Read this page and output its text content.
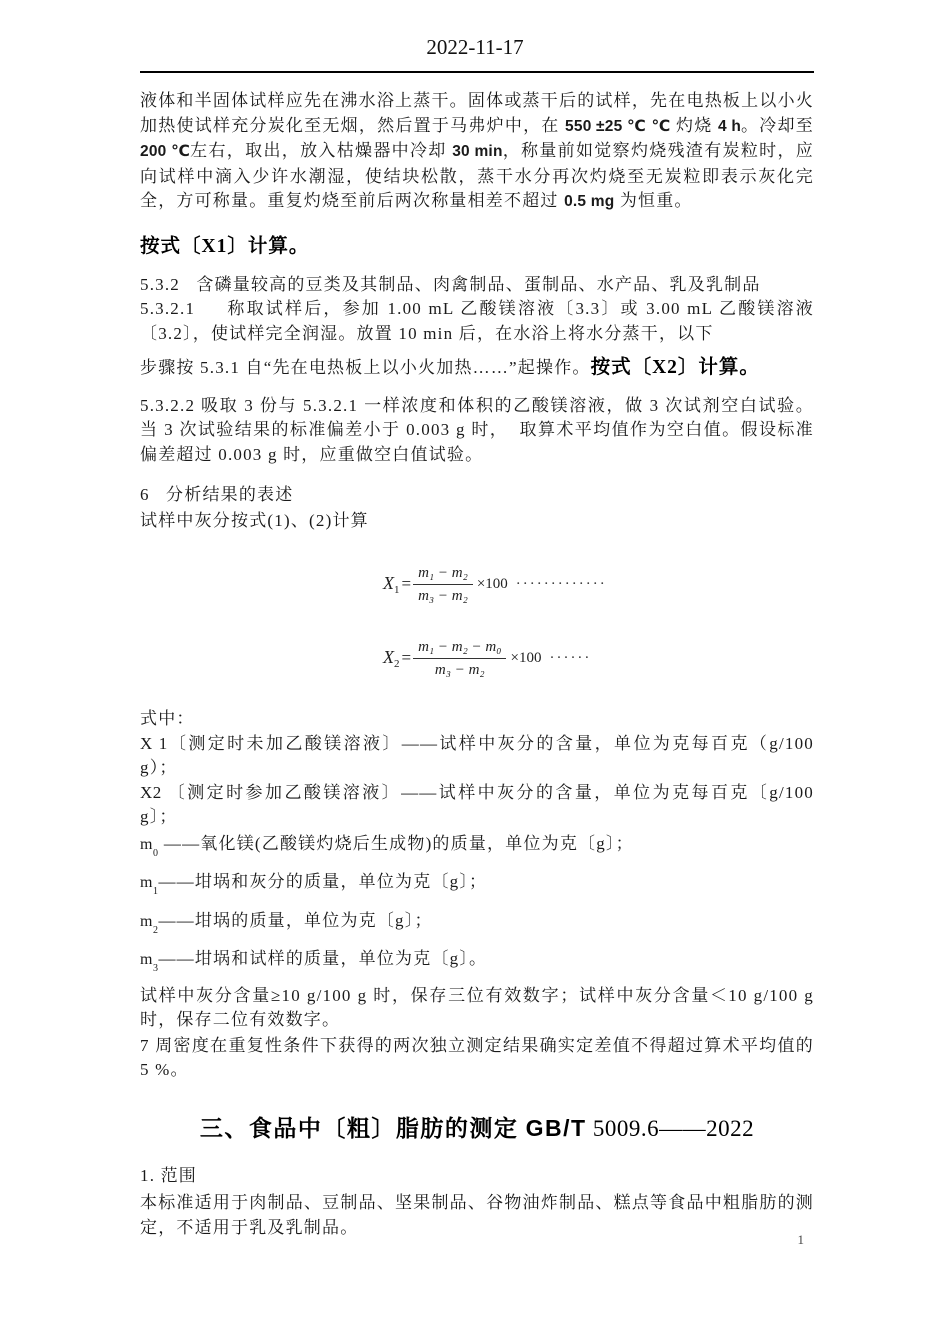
2022-11-17

液体和半固体试样应先在沸水浴上蒸干。固体或蒸干后的试样，先在电热板上以小火加热使试样充分炭化至无烟，然后置于马弗炉中，在 550 ±25 ℃ ℃ 灼烧 4 h。冷却至 200 ℃左右，取出，放入枯燥器中冷却 30 min，称量前如觉察灼烧残渣有炭粒时，应向试样中滴入少许水潮湿，使结块松散，蒸干水分再次灼烧至无炭粒即表示灰化完全，方可称量。重复灼烧至前后两次称量相差不超过 0.5 mg 为恒重。

按式〔X1〕计算。

5.3.2   含磷量较高的豆类及其制品、肉禽制品、蛋制品、水产品、乳及乳制品

5.3.2.1     称取试样后，参加 1.00 mL 乙酸镁溶液〔3.3〕或 3.00 mL 乙酸镁溶液〔3.2〕，使试样完全润湿。放置 10 min 后，在水浴上将水分蒸干，以下

步骤按 5.3.1 自“先在电热板上以小火加热……”起操作。按式〔X2〕计算。

5.3.2.2 吸取 3 份与 5.3.2.1 一样浓度和体积的乙酸镁溶液，做 3 次试剂空白试验。当 3 次试验结果的标准偏差小于 0.003 g 时，  取算术平均值作为空白值。假设标准偏差超过 0.003 g 时，应重做空白值试验。

6   分析结果的表述

试样中灰分按式(1)、(2)计算

$X_1 = \frac{\text{m₁ − m₂}}{\text{m₃ − m₂}} \times 100$ ·············
$X_2 = \frac{\text{m₁ − m₂ − m₀}}{\text{m₃ − m₂}} \times 100$ ······

式中：

X 1〔测定时未加乙酸镁溶液〕——试样中灰分的含量，单位为克每百克（g/100 g）；

X2 〔测定时参加乙酸镁溶液〕——试样中灰分的含量，单位为克每百克〔g/100 g〕；

$m_0$ ——氧化镁(乙酸镁灼烧后生成物)的质量，单位为克〔g〕；

$m_1——$坩埚和灰分的质量，单位为克〔g〕；

$m_2——$坩埚的质量，单位为克〔g〕；

$m_3——$坩埚和试样的质量，单位为克〔g〕。

试样中灰分含量≥10 g/100 g 时，保存三位有效数字；试样中灰分含量＜10 g/100 g 时，保存二位有效数字。

7 周密度在重复性条件下获得的两次独立测定结果确实定差值不得超过算术平均值的 5 %。

三、食品中〔粗〕脂肪的测定 GB/T 5009.6——2022

1. 范围

本标准适用于肉制品、豆制品、坚果制品、谷物油炸制品、糕点等食品中粗脂肪的测定，不适用于乳及乳制品。

1
